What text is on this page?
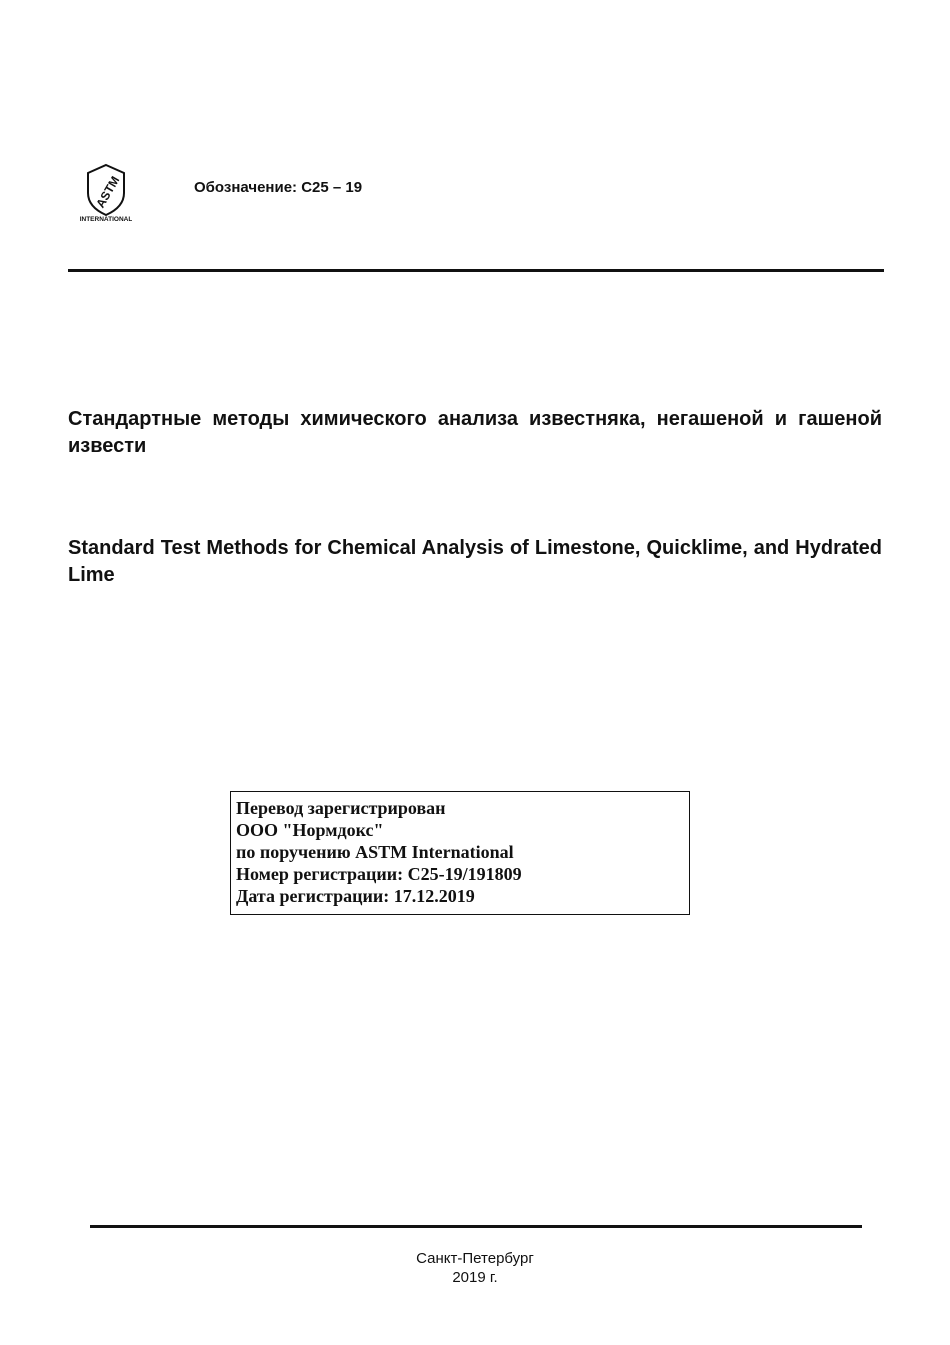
ASTM
INTERNATIONAL
Обозначение: C25 – 19
Стандартные методы химического анализа известняка, негашеной и гашеной извести
Standard Test Methods for Chemical Analysis of Limestone, Quicklime, and Hydrated Lime
Перевод зарегистрирован
ООО "Нормдокс"
по поручению ASTM International
Номер регистрации: C25-19/191809
Дата регистрации: 17.12.2019
Санкт-Петербург
2019 г.
